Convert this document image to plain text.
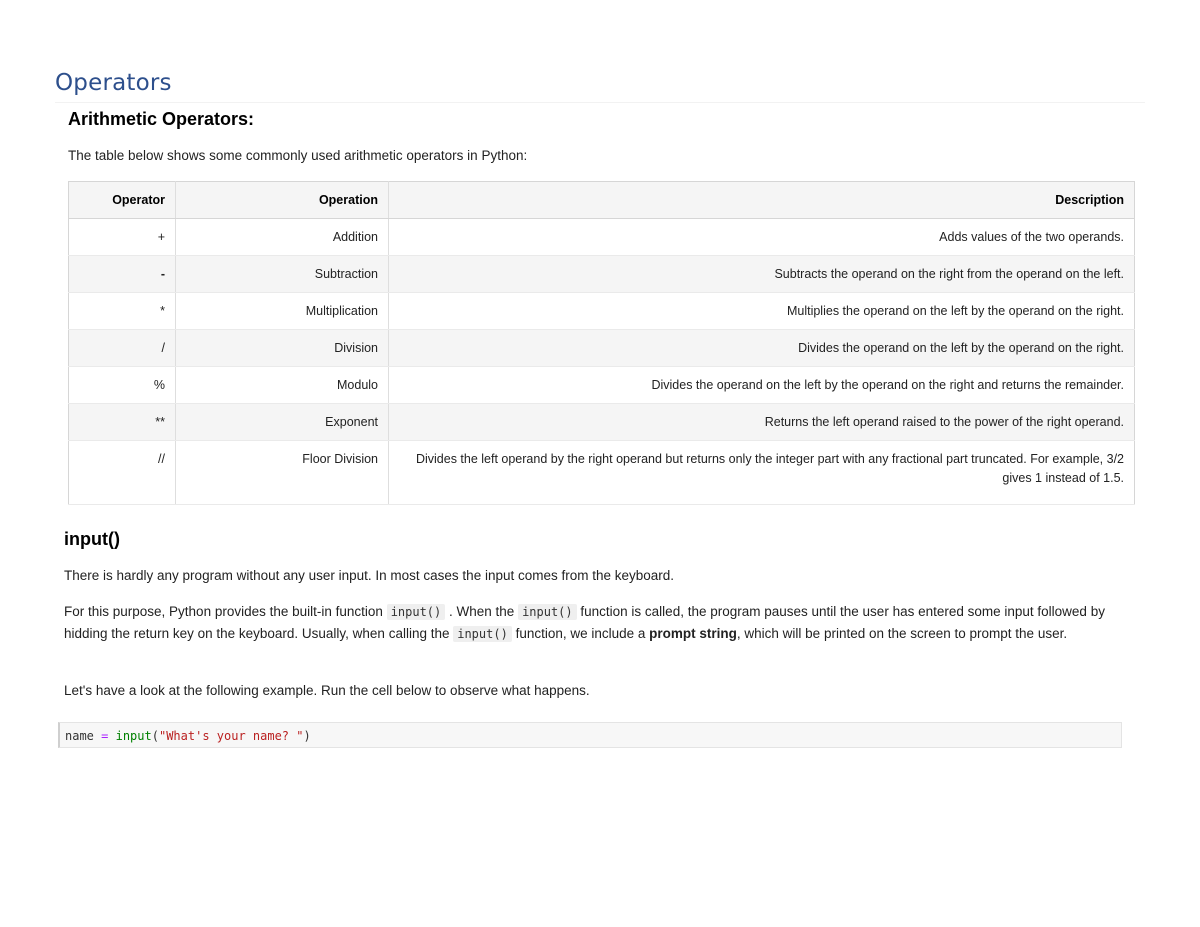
Operators
Arithmetic Operators:

The table below shows some commonly used arithmetic operators in Python:

Operator	Operation	Description
+	Addition	Adds values of the two operands.
-	Subtraction	Subtracts the operand on the right from the operand on the left.
*	Multiplication	Multiplies the operand on the left by the operand on the right.
/	Division	Divides the operand on the left by the operand on the right.
%	Modulo	Divides the operand on the left by the operand on the right and returns the remainder.
**	Exponent	Returns the left operand raised to the power of the right operand.
//	Floor Division	Divides the left operand by the right operand but returns only the integer part with any fractional part truncated. For example, 3/2 gives 1 instead of 1.5.
input()

There is hardly any program without any user input. In most cases the input comes from the keyboard.

For this purpose, Python provides the built-in function input() . When the input() function is called, the program pauses until the user has entered some input followed by hidding the return key on the keyboard. Usually, when calling the input() function, we include a prompt string, which will be printed on the screen to prompt the user.

Let's have a look at the following example. Run the cell below to observe what happens.

name = input("What's your name? ")
